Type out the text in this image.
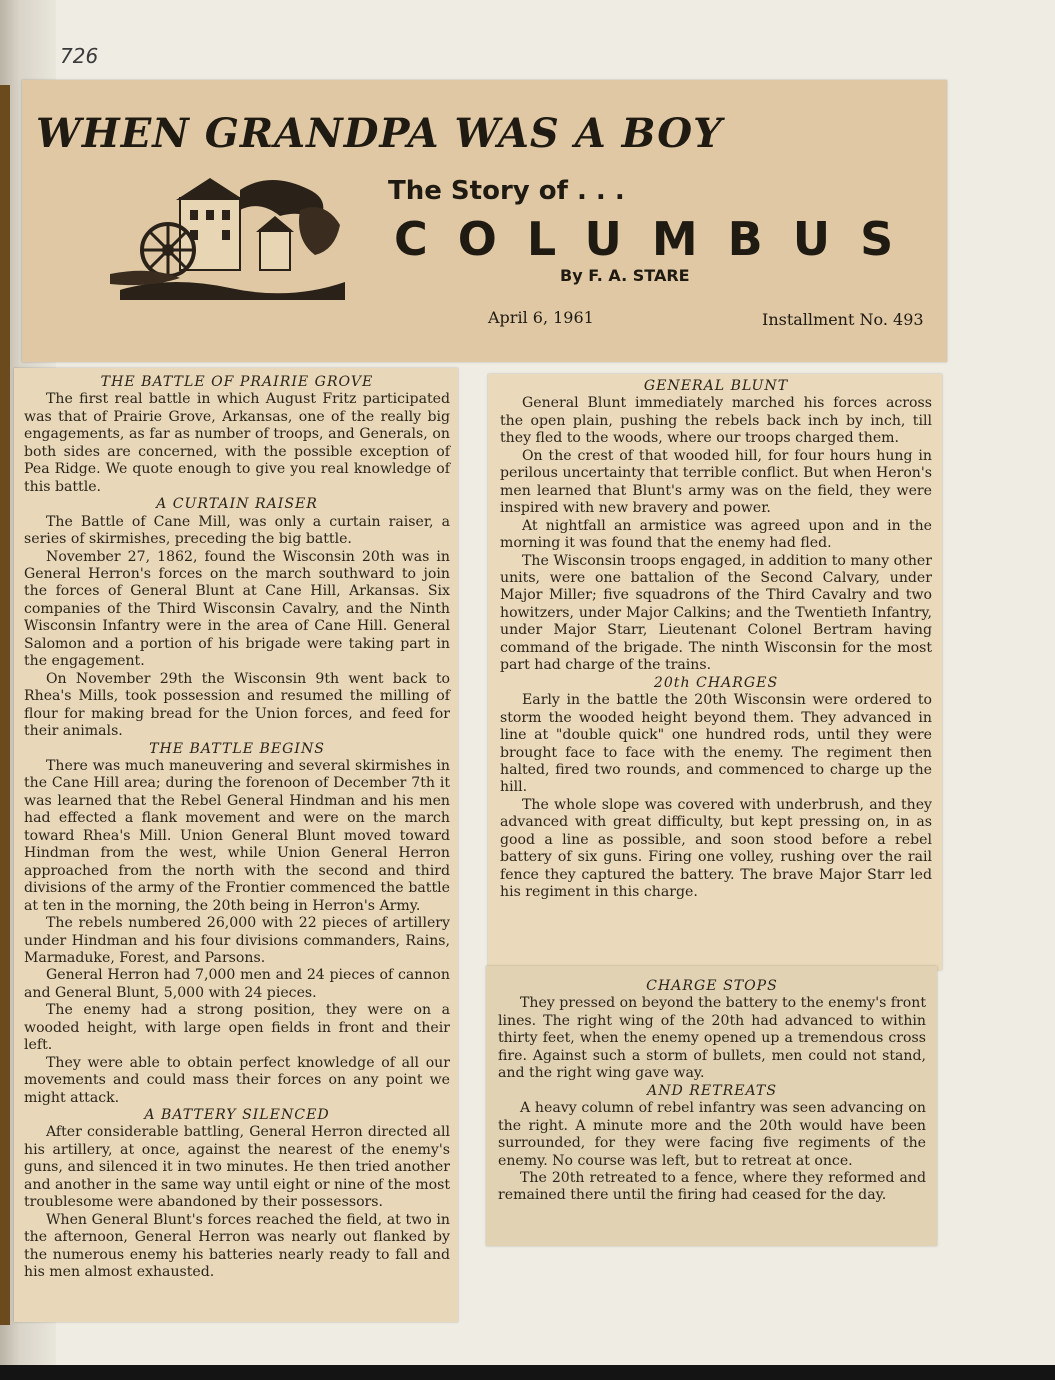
726
WHEN GRANDPA WAS A BOY
The Story of . . .
COLUMBUS
By F. A. STARE
April 6, 1961	Installment No. 493
THE BATTLE OF PRAIRIE GROVE

The first real battle in which August Fritz participated was that of Prairie Grove, Arkansas, one of the really big engagements, as far as number of troops, and Generals, on both sides are concerned, with the possible exception of Pea Ridge. We quote enough to give you real knowledge of this battle.

A CURTAIN RAISER

The Battle of Cane Mill, was only a curtain raiser, a series of skirmishes, preceding the big battle.

November 27, 1862, found the Wisconsin 20th was in General Herron's forces on the march southward to join the forces of General Blunt at Cane Hill, Arkansas. Six companies of the Third Wisconsin Cavalry, and the Ninth Wisconsin Infantry were in the area of Cane Hill. General Salomon and a portion of his brigade were taking part in the engagement.

On November 29th the Wisconsin 9th went back to Rhea's Mills, took possession and resumed the milling of flour for making bread for the Union forces, and feed for their animals.

THE BATTLE BEGINS

There was much maneuvering and several skirmishes in the Cane Hill area; during the forenoon of December 7th it was learned that the Rebel General Hindman and his men had effected a flank movement and were on the march toward Rhea's Mill. Union General Blunt moved toward Hindman from the west, while Union General Herron approached from the north with the second and third divisions of the army of the Frontier commenced the battle at ten in the morning, the 20th being in Herron's Army.

The rebels numbered 26,000 with 22 pieces of artillery under Hindman and his four divisions commanders, Rains, Marmaduke, Forest, and Parsons.

General Herron had 7,000 men and 24 pieces of cannon and General Blunt, 5,000 with 24 pieces.

The enemy had a strong position, they were on a wooded height, with large open fields in front and their left.

They were able to obtain perfect knowledge of all our movements and could mass their forces on any point we might attack.

A BATTERY SILENCED

After considerable battling, General Herron directed all his artillery, at once, against the nearest of the enemy's guns, and silenced it in two minutes. He then tried another and another in the same way until eight or nine of the most troublesome were abandoned by their possessors.

When General Blunt's forces reached the field, at two in the afternoon, General Herron was nearly out flanked by the numerous enemy his batteries nearly ready to fall and his men almost exhausted.

GENERAL BLUNT

General Blunt immediately marched his forces across the open plain, pushing the rebels back inch by inch, till they fled to the woods, where our troops charged them.

On the crest of that wooded hill, for four hours hung in perilous uncertainty that terrible conflict. But when Heron's men learned that Blunt's army was on the field, they were inspired with new bravery and power.

At nightfall an armistice was agreed upon and in the morning it was found that the enemy had fled.

The Wisconsin troops engaged, in addition to many other units, were one battalion of the Second Calvary, under Major Miller; five squadrons of the Third Cavalry and two howitzers, under Major Calkins; and the Twentieth Infantry, under Major Starr, Lieutenant Colonel Bertram having command of the brigade. The ninth Wisconsin for the most part had charge of the trains.

20th CHARGES

Early in the battle the 20th Wisconsin were ordered to storm the wooded height beyond them. They advanced in line at "double quick" one hundred rods, until they were brought face to face with the enemy. The regiment then halted, fired two rounds, and commenced to charge up the hill.

The whole slope was covered with underbrush, and they advanced with great difficulty, but kept pressing on, in as good a line as possible, and soon stood before a rebel battery of six guns. Firing one volley, rushing over the rail fence they captured the battery. The brave Major Starr led his regiment in this charge.

CHARGE STOPS

They pressed on beyond the battery to the enemy's front lines. The right wing of the 20th had advanced to within thirty feet, when the enemy opened up a tremendous cross fire. Against such a storm of bullets, men could not stand, and the right wing gave way.

AND RETREATS

A heavy column of rebel infantry was seen advancing on the right. A minute more and the 20th would have been surrounded, for they were facing five regiments of the enemy. No course was left, but to retreat at once.

The 20th retreated to a fence, where they reformed and remained there until the firing had ceased for the day.
